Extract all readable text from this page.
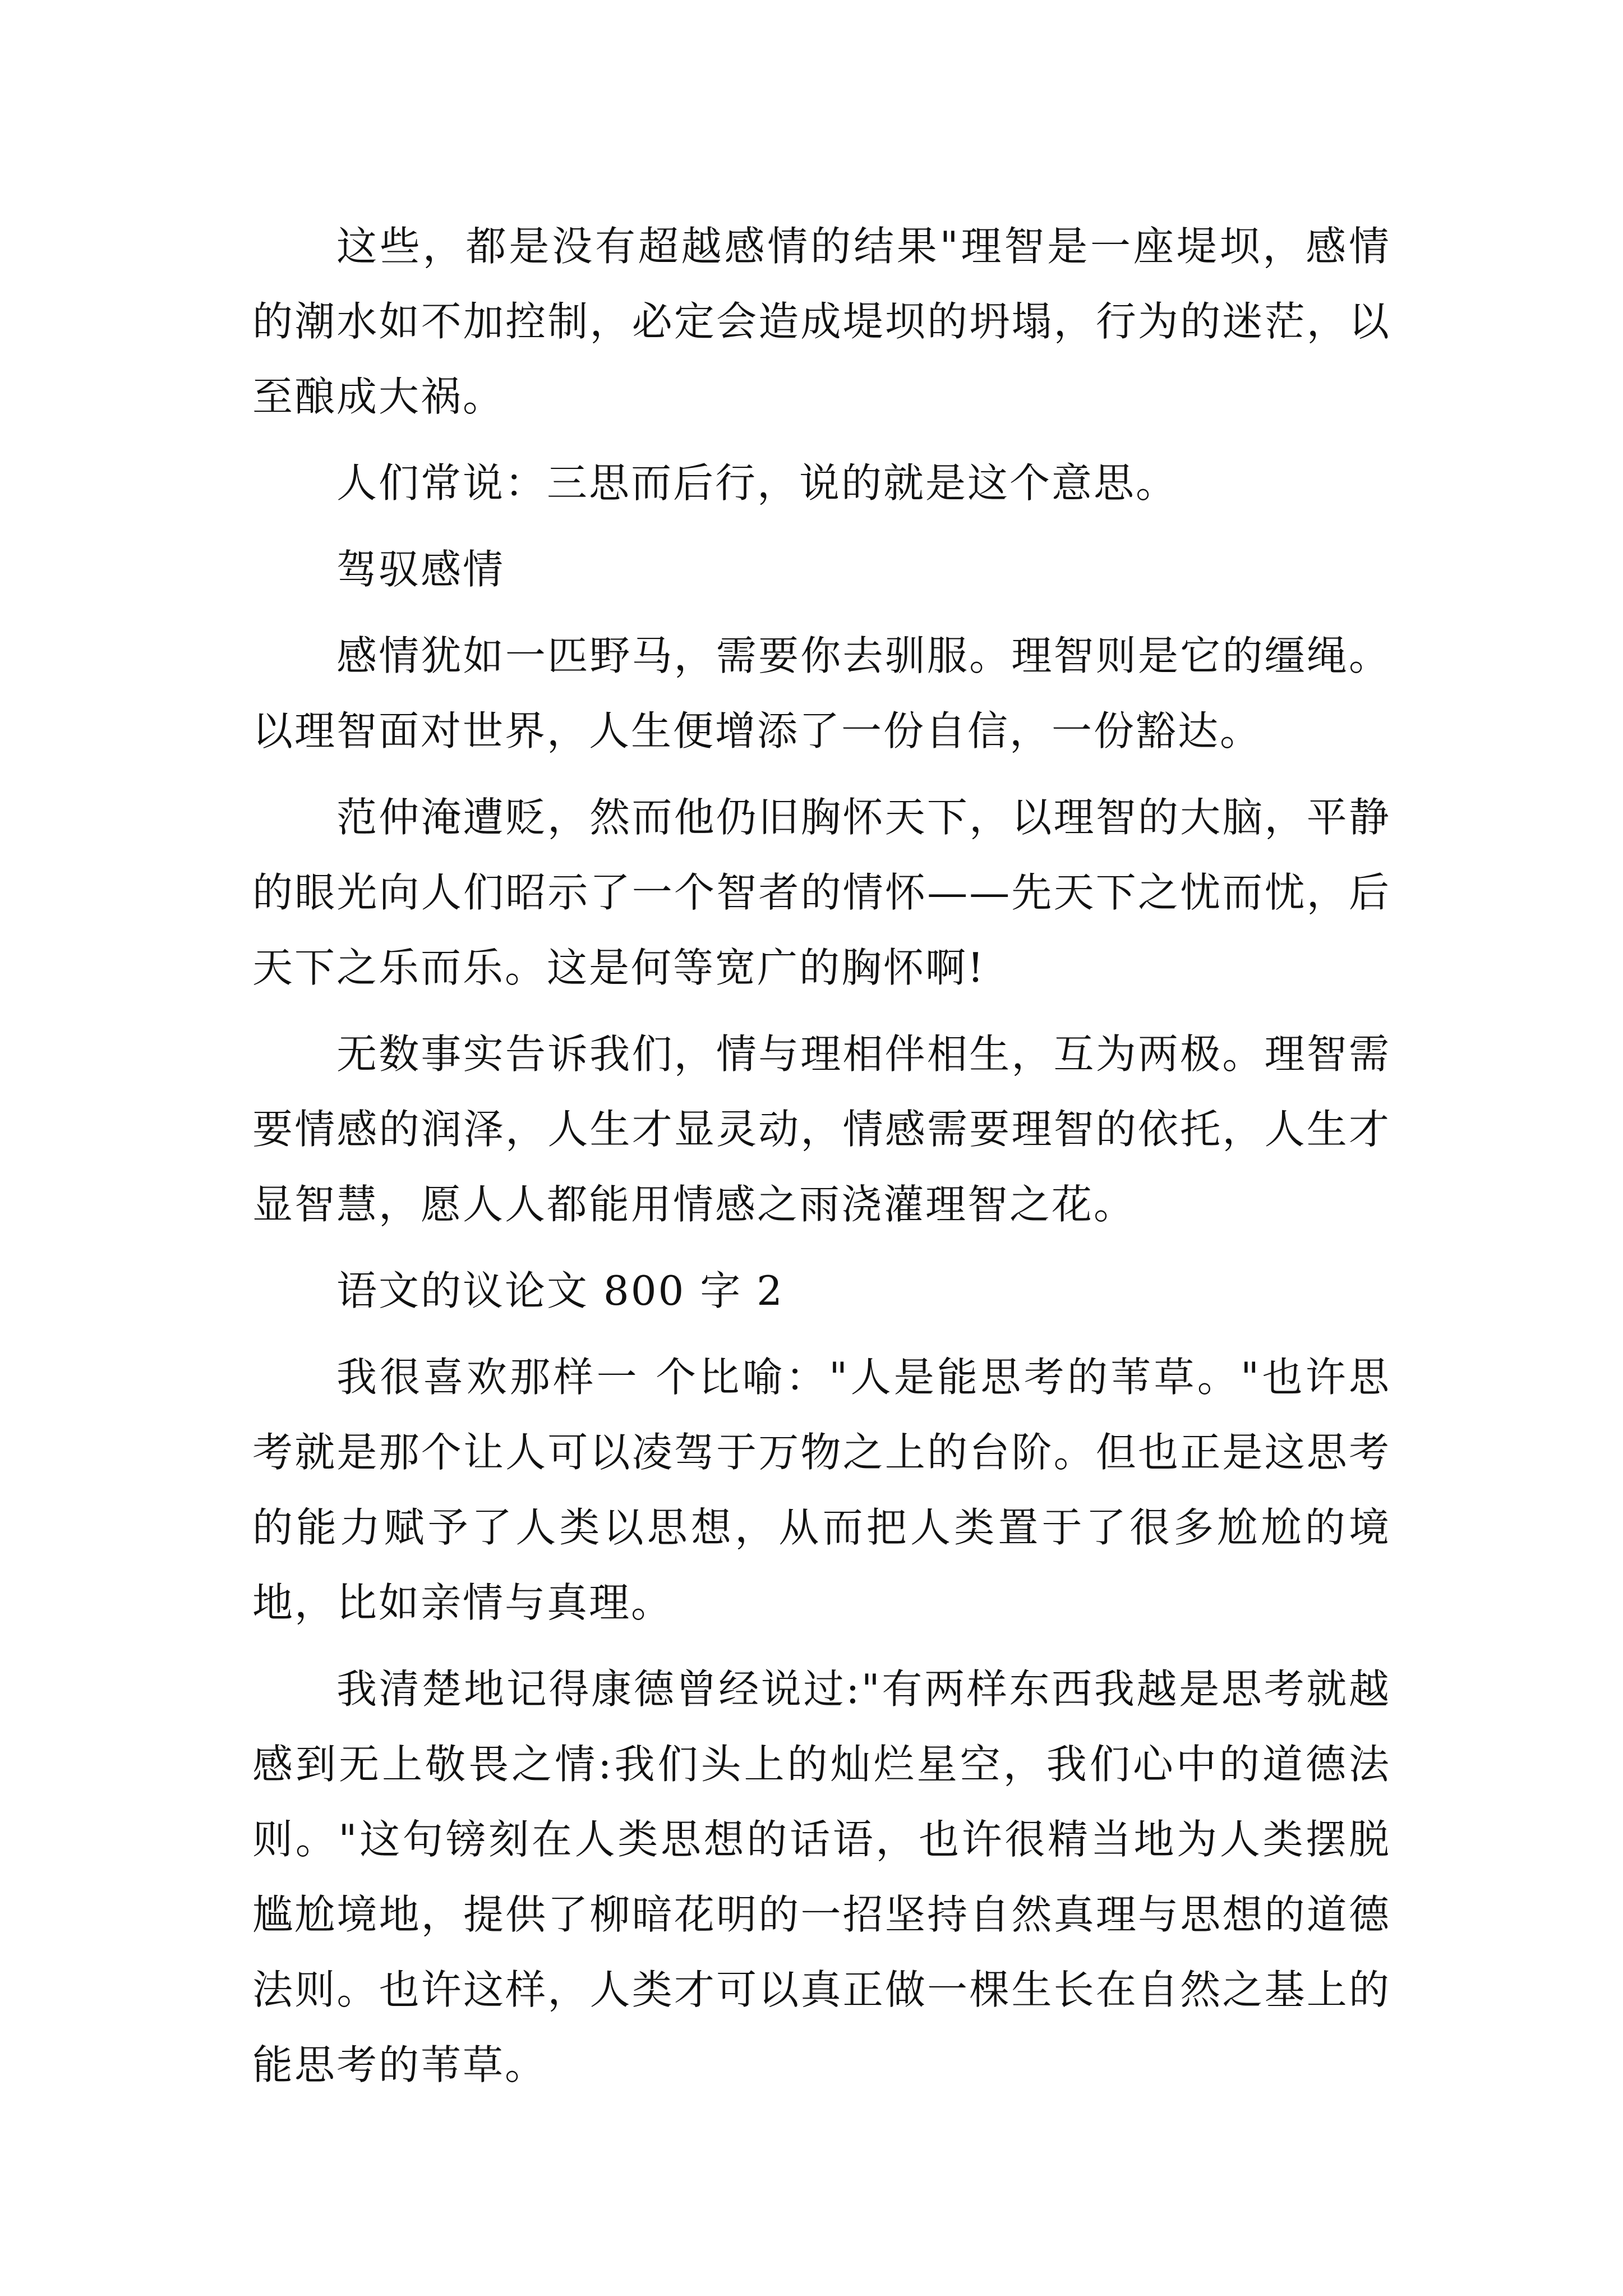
这些，都是没有超越感情的结果"理智是一座堤坝，感情的潮水如不加控制，必定会造成堤坝的坍塌，行为的迷茫，以至酿成大祸。

人们常说：三思而后行，说的就是这个意思。

驾驭感情

感情犹如一匹野马，需要你去驯服。理智则是它的缰绳。以理智面对世界，人生便增添了一份自信，一份豁达。

范仲淹遭贬，然而他仍旧胸怀天下，以理智的大脑，平静的眼光向人们昭示了一个智者的情怀——先天下之忧而忧，后天下之乐而乐。这是何等宽广的胸怀啊!

无数事实告诉我们，情与理相伴相生，互为两极。理智需要情感的润泽，人生才显灵动，情感需要理智的依托，人生才显智慧，愿人人都能用情感之雨浇灌理智之花。

语文的议论文 800 字 2

我很喜欢那样一 个比喻："人是能思考的苇草。"也许思考就是那个让人可以凌驾于万物之上的台阶。但也正是这思考的能力赋予了人类以思想，从而把人类置于了很多尬尬的境地，比如亲情与真理。

我清楚地记得康德曾经说过:"有两样东西我越是思考就越感到无上敬畏之情:我们头上的灿烂星空，我们心中的道德法则。"这句镑刻在人类思想的话语，也许很精当地为人类摆脱尴尬境地，提供了柳暗花明的一招坚持自然真理与思想的道德法则。也许这样，人类才可以真正做一棵生长在自然之基上的能思考的苇草。
